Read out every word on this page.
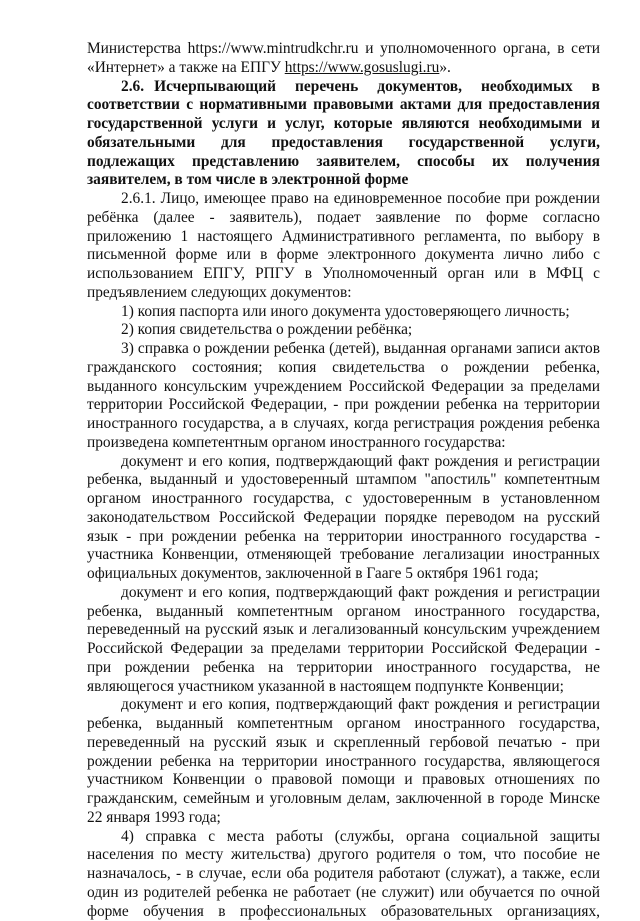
Министерства https://www.mintrudkchr.ru и уполномоченного органа, в сети «Интернет» а также на ЕПГУ https://www.gosuslugi.ru».

2.6. Исчерпывающий перечень документов, необходимых в соответствии с нормативными правовыми актами для предоставления государственной услуги и услуг, которые являются необходимыми и обязательными для предоставления государственной услуги, подлежащих представлению заявителем, способы их получения заявителем, в том числе в электронной форме

2.6.1. Лицо, имеющее право на единовременное пособие при рождении ребёнка (далее - заявитель), подает заявление по форме согласно приложению 1 настоящего Административного регламента, по выбору в письменной форме или в форме электронного документа лично либо с использованием ЕПГУ, РПГУ в Уполномоченный орган или в МФЦ с предъявлением следующих документов:

1) копия паспорта или иного документа удостоверяющего личность;

2) копия свидетельства о рождении ребёнка;

3) справка о рождении ребенка (детей), выданная органами записи актов гражданского состояния; копия свидетельства о рождении ребенка, выданного консульским учреждением Российской Федерации за пределами территории Российской Федерации, - при рождении ребенка на территории иностранного государства, а в случаях, когда регистрация рождения ребенка произведена компетентным органом иностранного государства:

документ и его копия, подтверждающий факт рождения и регистрации ребенка, выданный и удостоверенный штампом "апостиль" компетентным органом иностранного государства, с удостоверенным в установленном законодательством Российской Федерации порядке переводом на русский язык - при рождении ребенка на территории иностранного государства - участника Конвенции, отменяющей требование легализации иностранных официальных документов, заключенной в Гааге 5 октября 1961 года;

документ и его копия, подтверждающий факт рождения и регистрации ребенка, выданный компетентным органом иностранного государства, переведенный на русский язык и легализованный консульским учреждением Российской Федерации за пределами территории Российской Федерации - при рождении ребенка на территории иностранного государства, не являющегося участником указанной в настоящем подпункте Конвенции;

документ и его копия, подтверждающий факт рождения и регистрации ребенка, выданный компетентным органом иностранного государства, переведенный на русский язык и скрепленный гербовой печатью - при рождении ребенка на территории иностранного государства, являющегося участником Конвенции о правовой помощи и правовых отношениях по гражданским, семейным и уголовным делам, заключенной в городе Минске 22 января 1993 года;

4) справка с места работы (службы, органа социальной защиты населения по месту жительства) другого родителя о том, что пособие не назначалось, - в случае, если оба родителя работают (служат), а также, если один из родителей ребенка не работает (не служит) или обучается по очной форме обучения в профессиональных образовательных организациях,
